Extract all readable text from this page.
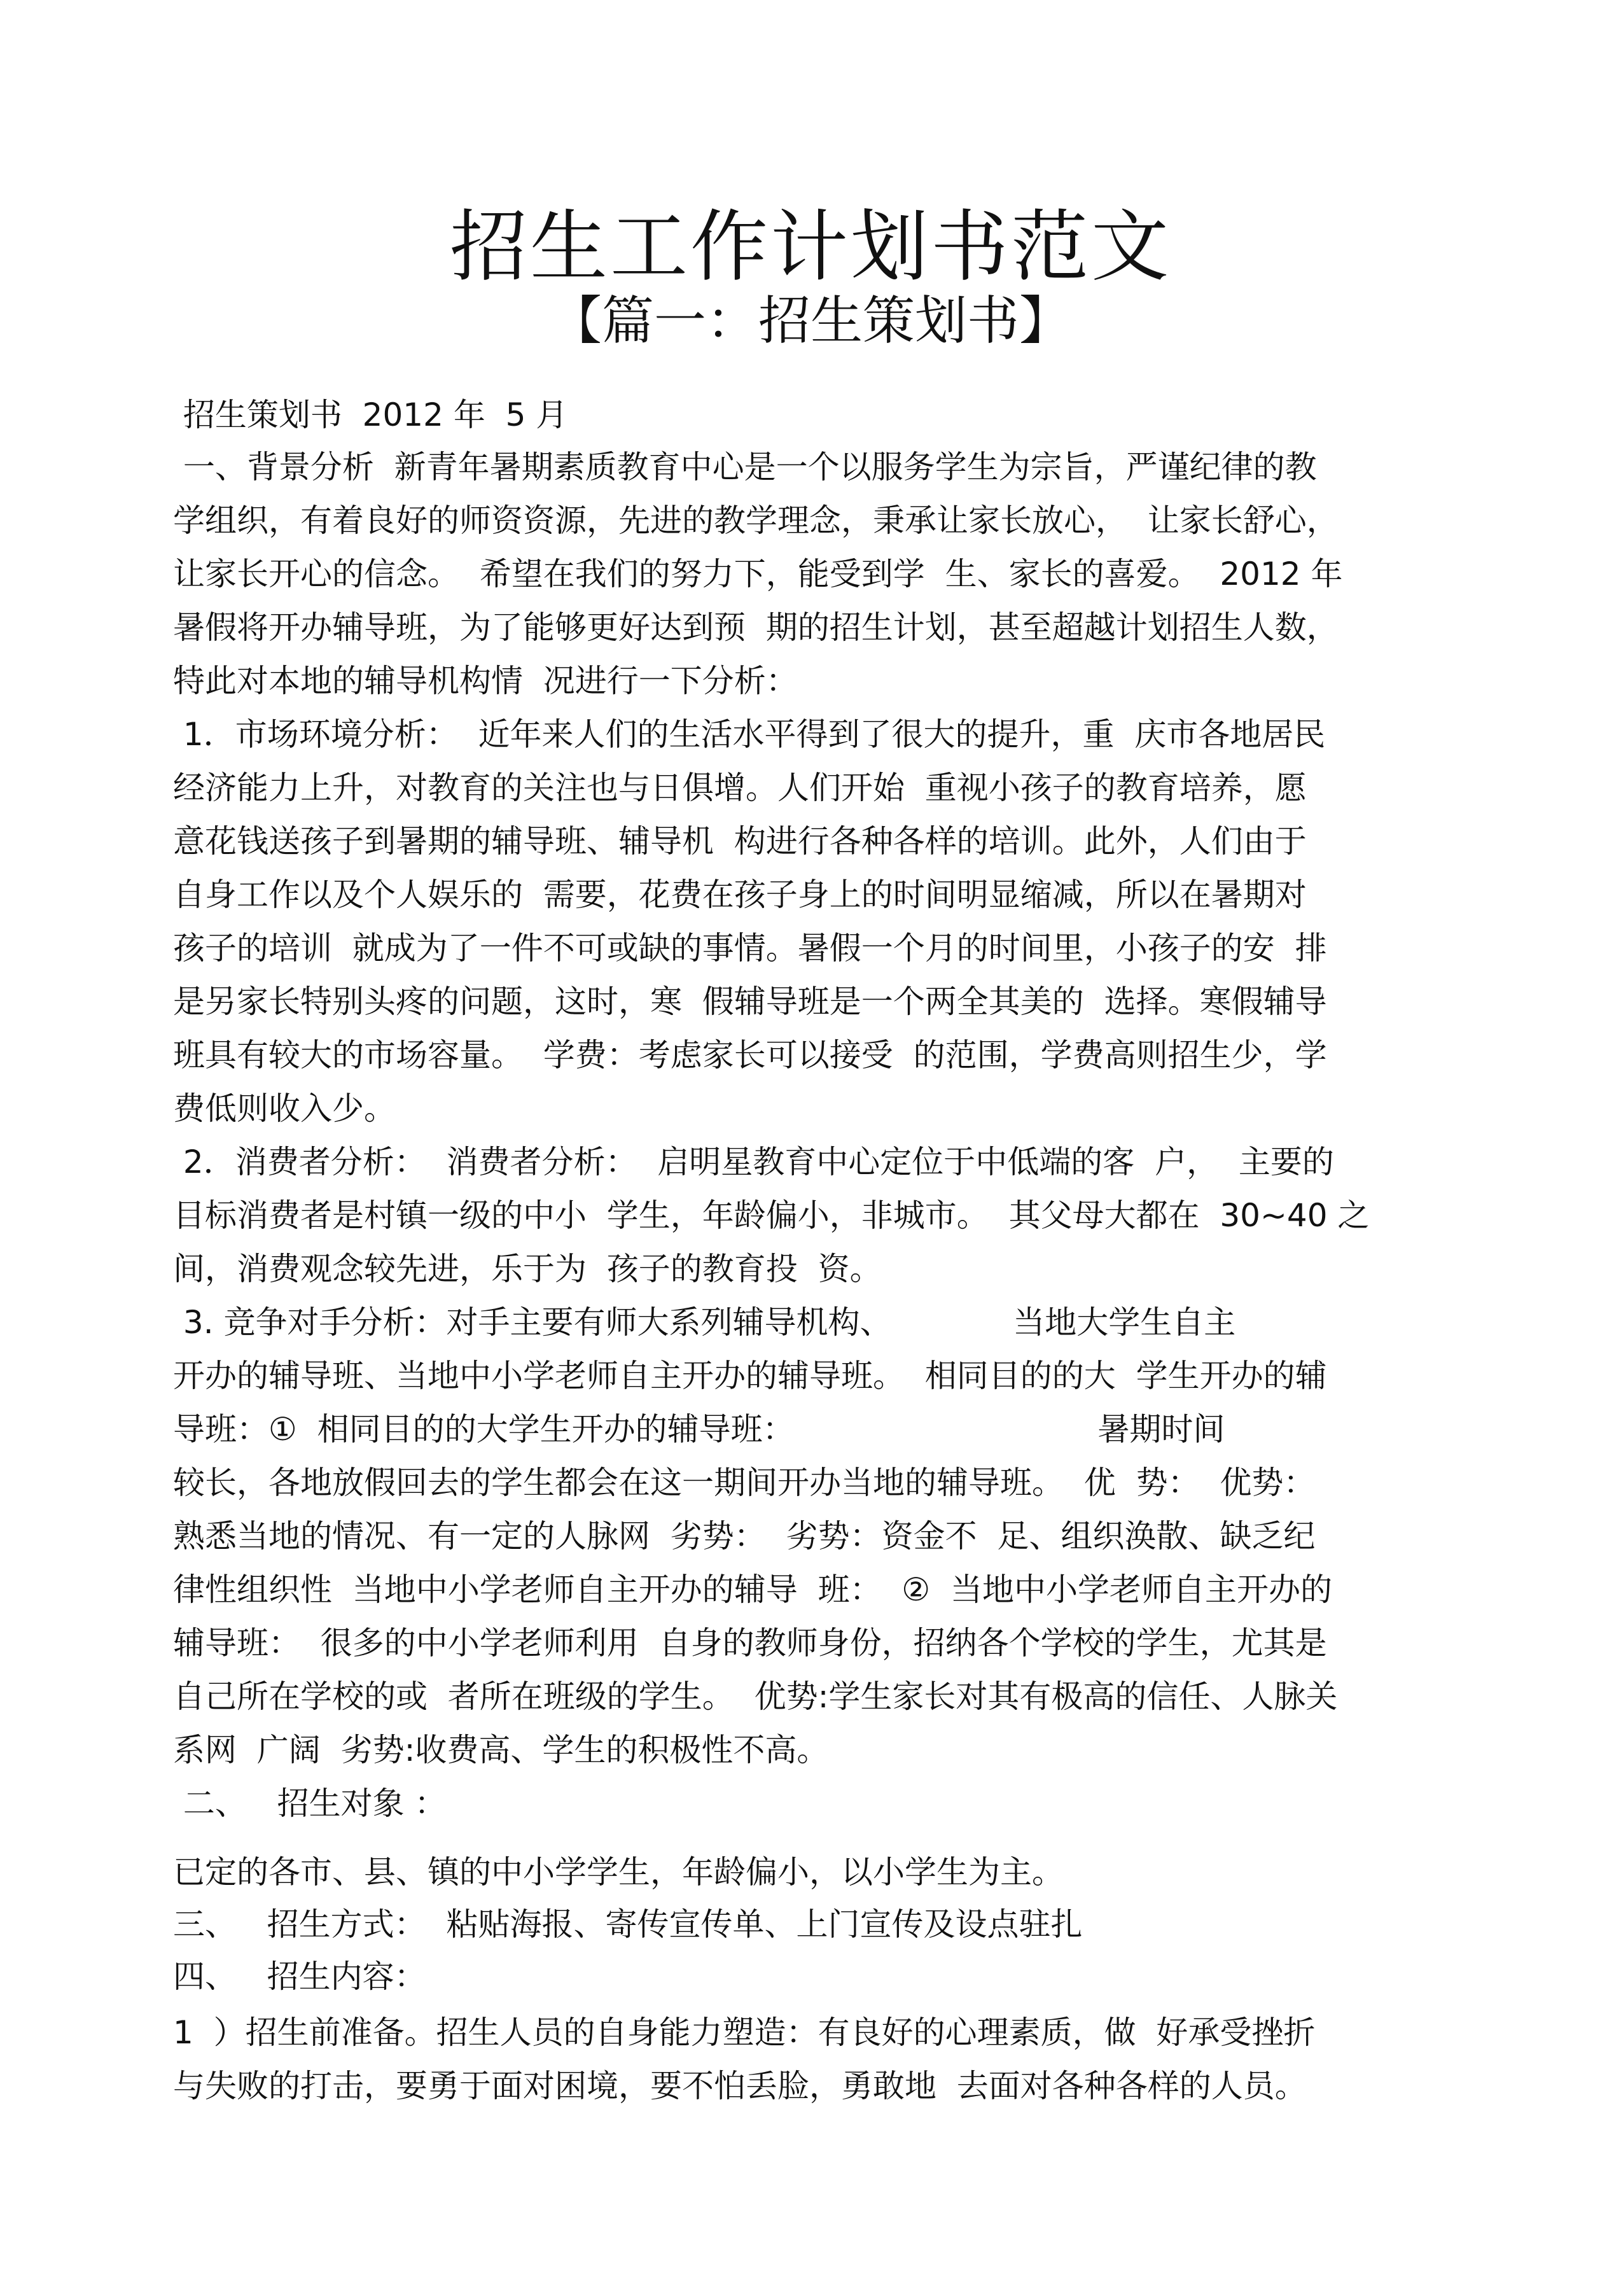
招生工作计划书范文
【篇一：招生策划书】
招生策划书  2012 年  5 月
一、背景分析  新青年暑期素质教育中心是一个以服务学生为宗旨，严谨纪律的教
学组织，有着良好的师资资源，先进的教学理念，秉承让家长放心，  让家长舒心，
让家长开心的信念。  希望在我们的努力下，能受到学  生、家长的喜爱。  2012 年
暑假将开办辅导班，为了能够更好达到预  期的招生计划，甚至超越计划招生人数，
特此对本地的辅导机构情  况进行一下分析：
1．市场环境分析：  近年来人们的生活水平得到了很大的提升，重  庆市各地居民
经济能力上升，对教育的关注也与日俱增。人们开始  重视小孩子的教育培养，愿
意花钱送孩子到暑期的辅导班、辅导机  构进行各种各样的培训。此外，人们由于
自身工作以及个人娱乐的  需要，花费在孩子身上的时间明显缩减，所以在暑期对
孩子的培训  就成为了一件不可或缺的事情。暑假一个月的时间里，小孩子的安  排
是另家长特别头疼的问题，这时，寒  假辅导班是一个两全其美的  选择。寒假辅导
班具有较大的市场容量。  学费：考虑家长可以接受  的范围，学费高则招生少，学
费低则收入少。
2．消费者分析：  消费者分析：  启明星教育中心定位于中低端的客  户，  主要的
目标消费者是村镇一级的中小  学生，年龄偏小，非城市。  其父母大都在  30~40 之
间，消费观念较先进，乐于为  孩子的教育投  资。
3. 竞争对手分析：对手主要有师大系列辅导机构、            当地大学生自主
开办的辅导班、当地中小学老师自主开办的辅导班。  相同目的的大  学生开办的辅
导班：①  相同目的的大学生开办的辅导班：                              暑期时间
较长，各地放假回去的学生都会在这一期间开办当地的辅导班。  优  势：  优势：
熟悉当地的情况、有一定的人脉网  劣势：  劣势：资金不  足、组织涣散、缺乏纪
律性组织性  当地中小学老师自主开办的辅导  班：  ②  当地中小学老师自主开办的
辅导班：  很多的中小学老师利用  自身的教师身份，招纳各个学校的学生，尤其是
自己所在学校的或  者所在班级的学生。  优势:学生家长对其有极高的信任、人脉关
系网  广阔  劣势:收费高、学生的积极性不高。
二、   招生对象 ：
已定的各市、县、镇的中小学学生，年龄偏小，以小学生为主。
三、   招生方式：  粘贴海报、寄传宣传单、上门宣传及设点驻扎
四、   招生内容：
1  ）招生前准备。招生人员的自身能力塑造：有良好的心理素质，做  好承受挫折
与失败的打击，要勇于面对困境，要不怕丢脸，勇敢地  去面对各种各样的人员。
